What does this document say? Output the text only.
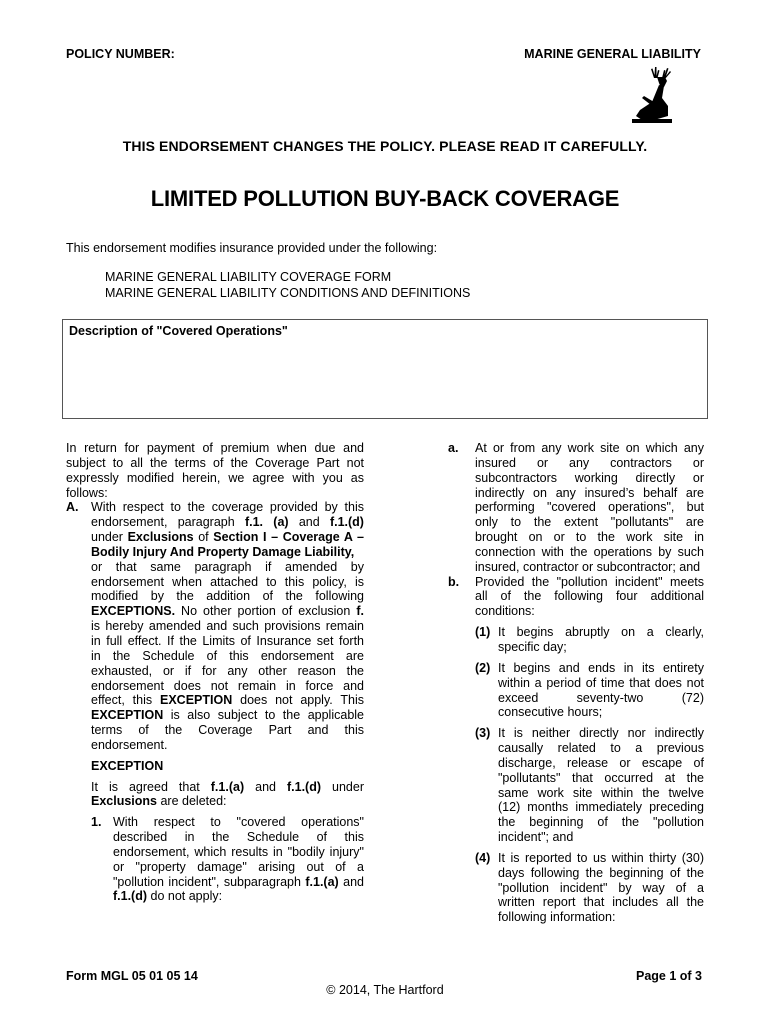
POLICY NUMBER:	MARINE GENERAL LIABILITY
THIS ENDORSEMENT CHANGES THE POLICY. PLEASE READ IT CAREFULLY.
LIMITED POLLUTION BUY-BACK COVERAGE
This endorsement modifies insurance provided under the following:
MARINE GENERAL LIABILITY COVERAGE FORM
MARINE GENERAL LIABILITY CONDITIONS AND DEFINITIONS
Description of "Covered Operations"
In return for payment of premium when due and
subject to all the terms of the Coverage Part not
expressly modified herein, we agree with you as
follows:
A. With respect to the coverage provided by this
endorsement, paragraph f.1. (a) and f.1.(d)
under Exclusions of Section I – Coverage A –
Bodily Injury And Property Damage Liability,
or that same paragraph if amended by
endorsement when attached to this policy, is
modified by the addition of the following
EXCEPTIONS. No other portion of exclusion f.
is hereby amended and such provisions remain
in full effect. If the Limits of Insurance set forth
in the Schedule of this endorsement are
exhausted, or if for any other reason the
endorsement does not remain in force and
effect, this EXCEPTION does not apply. This
EXCEPTION is also subject to the applicable
terms of the Coverage Part and this
endorsement.
EXCEPTION
It is agreed that f.1.(a) and f.1.(d) under
Exclusions are deleted:
1. With respect to "covered operations"
described in the Schedule of this
endorsement, which results in "bodily injury"
or "property damage" arising out of a
"pollution incident", subparagraph f.1.(a) and
f.1.(d) do not apply:
a. At or from any work site on which any
insured or any contractors or
subcontractors working directly or
indirectly on any insured’s behalf are
performing "covered operations", but
only to the extent "pollutants" are
brought on or to the work site in
connection with the operations by such
insured, contractor or subcontractor; and
b. Provided the "pollution incident" meets
all of the following four additional
conditions:
(1) It begins abruptly on a clearly,
specific day;
(2) It begins and ends in its entirety
within a period of time that does not
exceed seventy-two (72)
consecutive hours;
(3) It is neither directly nor indirectly
causally related to a previous
discharge, release or escape of
"pollutants" that occurred at the
same work site within the twelve
(12) months immediately preceding
the beginning of the "pollution
incident"; and
(4) It is reported to us within thirty (30)
days following the beginning of the
"pollution incident" by way of a
written report that includes all the
following information:
Form MGL 05 01 05 14	Page 1 of 3
© 2014, The Hartford
